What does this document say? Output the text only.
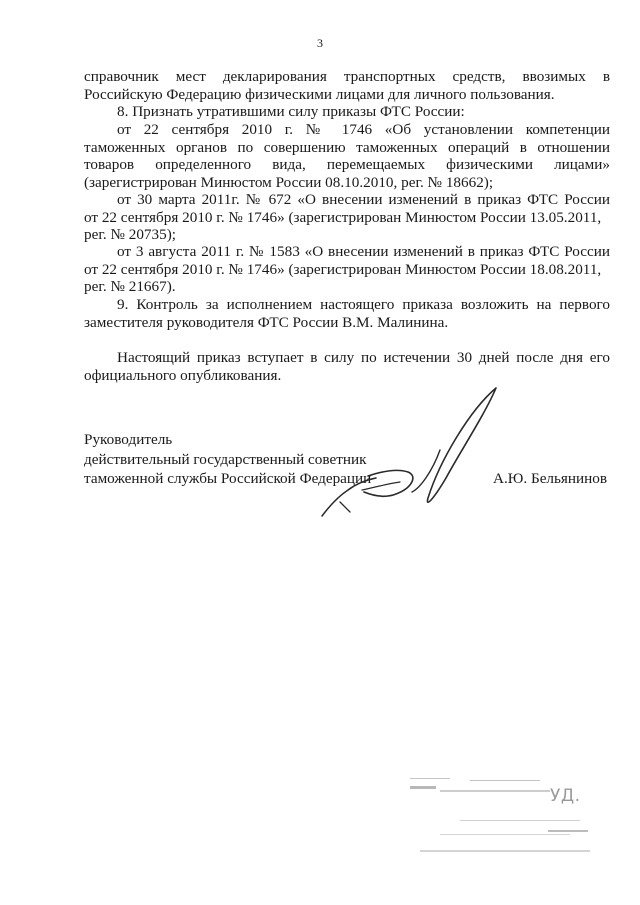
3
справочник мест декларирования транспортных средств, ввозимых в
Российскую Федерацию физическими лицами для личного пользования.
8. Признать утратившими силу приказы ФТС России:
от 22 сентября 2010 г. № 1746 «Об установлении компетенции
таможенных органов по совершению таможенных операций в отношении
товаров определенного вида, перемещаемых физическими лицами»
(зарегистрирован Минюстом России 08.10.2010, рег. № 18662);
от 30 марта 2011г. № 672 «О внесении изменений в приказ ФТС России
от 22 сентября 2010 г. № 1746» (зарегистрирован Минюстом России 13.05.2011,
рег. № 20735);
от 3 августа 2011 г. № 1583 «О внесении изменений в приказ ФТС России
от 22 сентября 2010 г. № 1746» (зарегистрирован Минюстом России 18.08.2011,
рег. № 21667).
9. Контроль за исполнением настоящего приказа возложить на первого
заместителя руководителя ФТС России В.М. Малинина.
Настоящий приказ вступает в силу по истечении 30 дней после дня его
официального опубликования.
Руководитель
действительный государственный советник
таможенной службы Российской Федерации	А.Ю. Бельянинов
УД.
